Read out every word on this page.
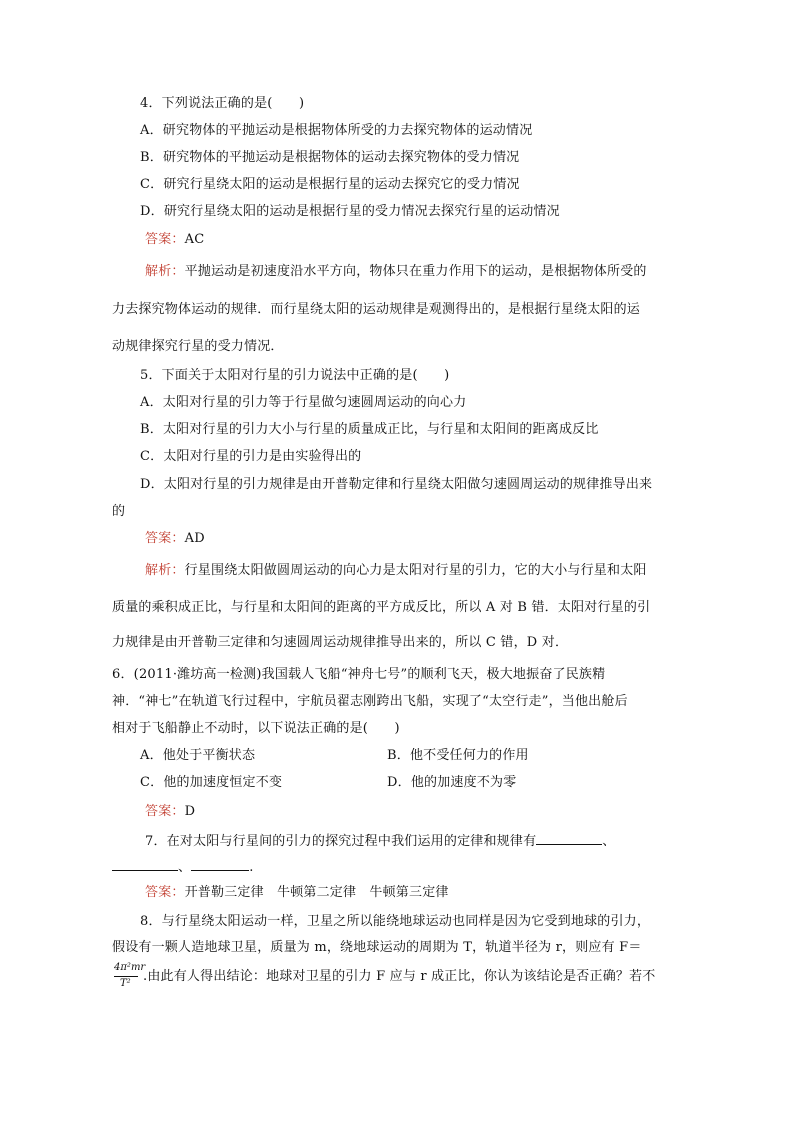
4．下列说法正确的是(　　)
A．研究物体的平抛运动是根据物体所受的力去探究物体的运动情况
B．研究物体的平抛运动是根据物体的运动去探究物体的受力情况
C．研究行星绕太阳的运动是根据行星的运动去探究它的受力情况
D．研究行星绕太阳的运动是根据行星的受力情况去探究行星的运动情况
答案：AC
解析：平抛运动是初速度沿水平方向，物体只在重力作用下的运动，是根据物体所受的
力去探究物体运动的规律．而行星绕太阳的运动规律是观测得出的，是根据行星绕太阳的运
动规律探究行星的受力情况．
5．下面关于太阳对行星的引力说法中正确的是(　　)
A．太阳对行星的引力等于行星做匀速圆周运动的向心力
B．太阳对行星的引力大小与行星的质量成正比，与行星和太阳间的距离成反比
C．太阳对行星的引力是由实验得出的
D．太阳对行星的引力规律是由开普勒定律和行星绕太阳做匀速圆周运动的规律推导出来
的
答案：AD
解析：行星围绕太阳做圆周运动的向心力是太阳对行星的引力，它的大小与行星和太阳
质量的乘积成正比，与行星和太阳间的距离的平方成反比，所以 A 对 B 错．太阳对行星的引
力规律是由开普勒三定律和匀速圆周运动规律推导出来的，所以 C 错，D 对．
6．(2011·潍坊高一检测)我国载人飞船“神舟七号”的顺利飞天，极大地振奋了民族精
神．“神七”在轨道飞行过程中，宇航员翟志刚跨出飞船，实现了“太空行走”，当他出舱后
相对于飞船静止不动时，以下说法正确的是(　　)
A．他处于平衡状态	B．他不受任何力的作用
C．他的加速度恒定不变	D．他的加速度不为零
答案：D
7．在对太阳与行星间的引力的探究过程中我们运用的定律和规律有	、
、	.
答案：开普勒三定律　牛顿第二定律　牛顿第三定律
8．与行星绕太阳运动一样，卫星之所以能绕地球运动也同样是因为它受到地球的引力，
假设有一颗人造地球卫星，质量为 m，绕地球运动的周期为 T，轨道半径为 r，则应有 F＝
4π²mr
T² .由此有人得出结论：地球对卫星的引力 F 应与 r 成正比，你认为该结论是否正确？若不
